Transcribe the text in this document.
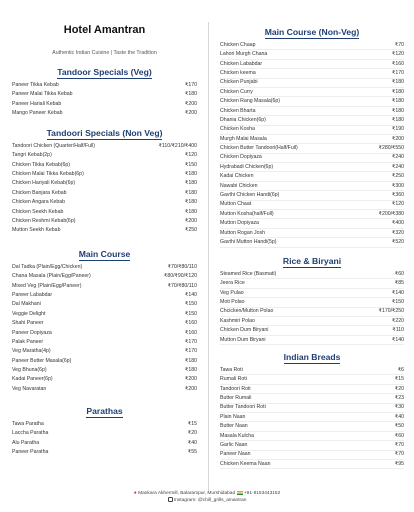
Hotel Amantran
Authentic Indian Cuisine | Taste the Tradition
Tandoor Specials (Veg)
Paneer Tikka Kebab	₹170
Paneer Malai Tikka Kebab	₹180
Paneer Hariali Kebab	₹200
Mango Paneer Kebab	₹200
Tandoori Specials (Non Veg)
Tandoori Chicken (Quarter/Half/Full)	₹110/₹210/₹400
Tangri Kebab(2p)	₹120
Chicken Tikka Kebab(6p)	₹150
Chicken Malai Tikka Kebab(6p)	₹180
Chicken Hariyali Kebab(6p)	₹180
Chicken Banjara Kebab	₹180
Chicken Angara Kebab	₹180
Chicken Seekh Kebab	₹180
Chicken Reshmi Kebab(6p)	₹200
Mutton Seekh Kebab	₹250
Main Course
Dal Tadka (Plain/Egg/Chicken)	₹70/₹80/110
Chana Masala (Plain/Egg/Paneer)	₹80/₹90/₹120
Mixed Veg (Plain/Egg/Paneer)	₹70/₹80/110
Paneer Lababdar	₹140
Dal Makhani	₹150
Veggie Delight	₹150
Shahi Paneer	₹160
Paneer Dopiyaza	₹160
Palak Paneer	₹170
Veg Maratha(4p)	₹170
Paneer Butter Masala(6p)	₹180
Veg Bhuna(6p)	₹180
Kadai Paneer(6p)	₹200
Veg Navaratan	₹200
Parathas
Tawa Paratha	₹15
Laccha Paratha	₹20
Alu Paratha	₹40
Paneer Paratha	₹55
Main Course (Non-Veg)
Chicken Chaap	₹70
Lahori Murgh Chana	₹120
Chicken Lababdar	₹160
Chicken keema	₹170
Chicken Punjabi	₹180
Chicken Curry	₹180
Chicken Rang Masala(6p)	₹180
Chicken Bharta	₹180
Dhania Chicken(6p)	₹180
Chicken Kosha	₹190
Murgh Malai Masala	₹200
Chicken Butter Tandoori(Half/Full)	₹280/₹550
Chicken Dopiyaza	₹240
Hydrabadi Chicken(6p)	₹240
Kadai Chicken	₹250
Nawabi Chicken	₹300
Gavthi Chicken Handi(6p)	₹360
Mutton Chaat	₹120
Mutton Kosha(half/Full)	₹200/₹380
Mutton Dopiyaza	₹400
Mutton Rogan Josh	₹320
Gavthi Mutton Handi(5p)	₹520
Rice & Biryani
Steamed Rice (Basmati)	₹60
Jeera Rice	₹85
Veg Pulao	₹140
Moti Polao	₹150
Chcicken/Mutton Polao	₹170/₹250
Kashmiri Polao	₹220
Chicken Dum Biryani	₹110
Mutton Dum Biryani	₹140
Indian Breads
Tawa Roti	₹6
Rumali Roti	₹15
Tandoori Roti	₹20
Butter Rumali	₹23
Butter Tandoori Roti	₹30
Plain Naan	₹40
Butter Naan	₹50
Masala Kulcha	₹60
Garlic Naan	₹70
Paneer Naan	₹70
Chicken Keema Naan	₹95
● Mankara Akhermill, Balarampur, Murshidabad +91-9153443152
Instagram: @chill_grills_amantran
